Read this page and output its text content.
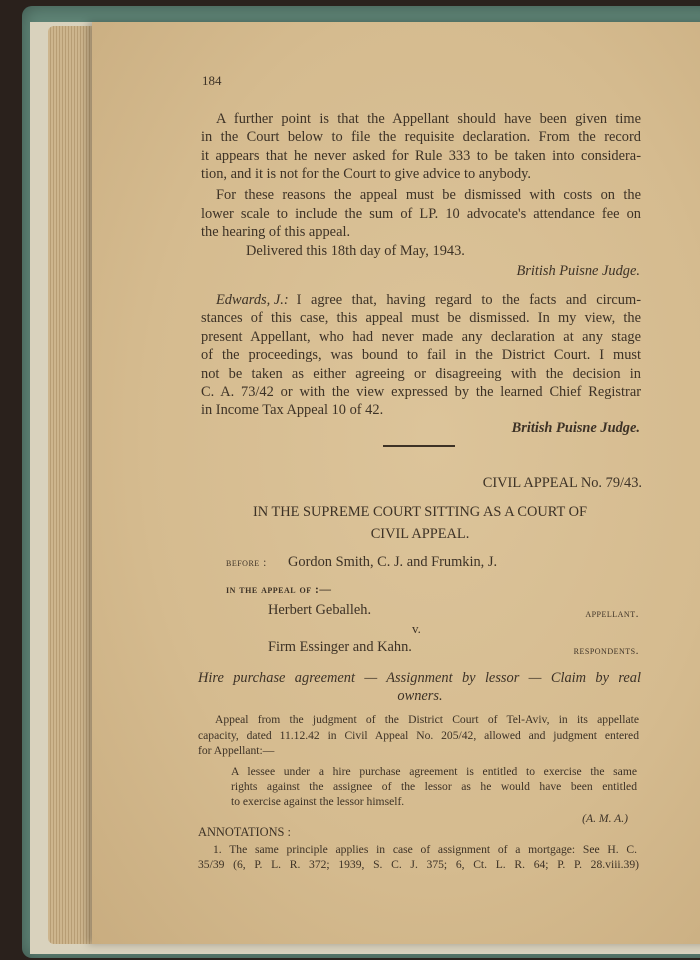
184
A further point is that the Appellant should have been given time
in the Court below to file the requisite declaration. From the record
it appears that he never asked for Rule 333 to be taken into considera-
tion, and it is not for the Court to give advice to anybody.
For these reasons the appeal must be dismissed with costs on the
lower scale to include the sum of LP. 10 advocate's attendance fee on
the hearing of this appeal.
Delivered this 18th day of May, 1943.
British Puisne Judge.
Edwards, J.: I agree that, having regard to the facts and circum-
stances of this case, this appeal must be dismissed. In my view, the
present Appellant, who had never made any declaration at any stage
of the proceedings, was bound to fail in the District Court. I must
not be taken as either agreeing or disagreeing with the decision in
C. A. 73/42 or with the view expressed by the learned Chief Registrar
in Income Tax Appeal 10 of 42.
British Puisne Judge.
CIVIL APPEAL No. 79/43.
IN THE SUPREME COURT SITTING AS A COURT OF
CIVIL APPEAL.
before : Gordon Smith, C. J. and Frumkin, J.
in the appeal of :—
Herbert Geballeh.	appellant.
v.
Firm Essinger and Kahn.	respondents.
Hire purchase agreement — Assignment by lessor — Claim by real
owners.
Appeal from the judgment of the District Court of Tel-Aviv, in its appellate
capacity, dated 11.12.42 in Civil Appeal No. 205/42, allowed and judgment entered
for Appellant:—
A lessee under a hire purchase agreement is entitled to exercise the same
rights against the assignee of the lessor as he would have been entitled
to exercise against the lessor himself.
(A. M. A.)
ANNOTATIONS :
1. The same principle applies in case of assignment of a mortgage: See H. C.
35/39 (6, P. L. R. 372; 1939, S. C. J. 375; 6, Ct. L. R. 64; P. P. 28.viii.39)
